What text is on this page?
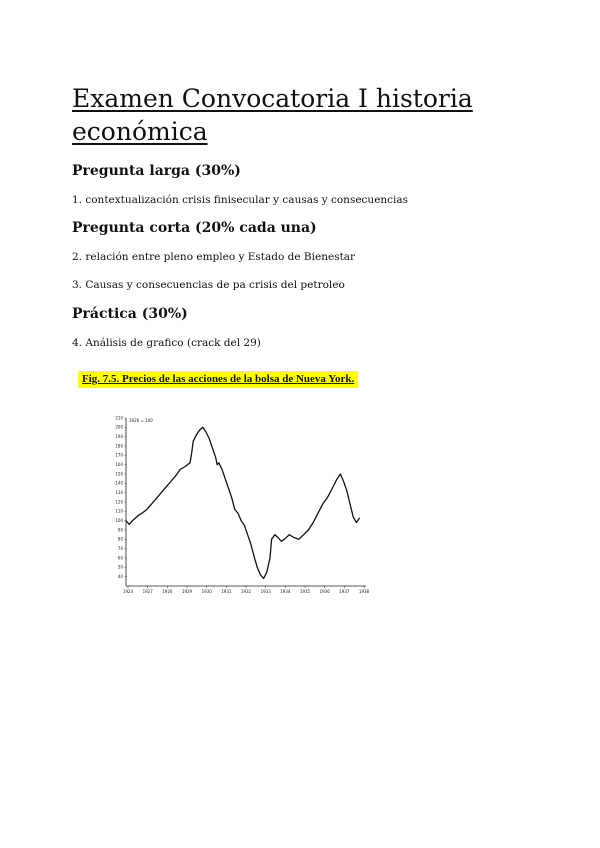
Examen Convocatoria I historia económica
Pregunta larga (30%)

1. contextualización crisis finisecular y causas y consecuencias

Pregunta corta (20% cada una)

2. relación entre pleno empleo y Estado de Bienestar

3. Causas y consecuencias de pa crisis del petroleo

Práctica (30%)

4. Análisis de grafico (crack del 29)

Fig. 7.5. Precios de las acciones de la bolsa de Nueva York.
1926 = 100
210
200
190
180
170
160
150
140
130
120
110
100
90
80
70
60
50
40
1924 1927 1926 1929 1930 1931 1932 1933 1934 1935 1936 1937 1938
